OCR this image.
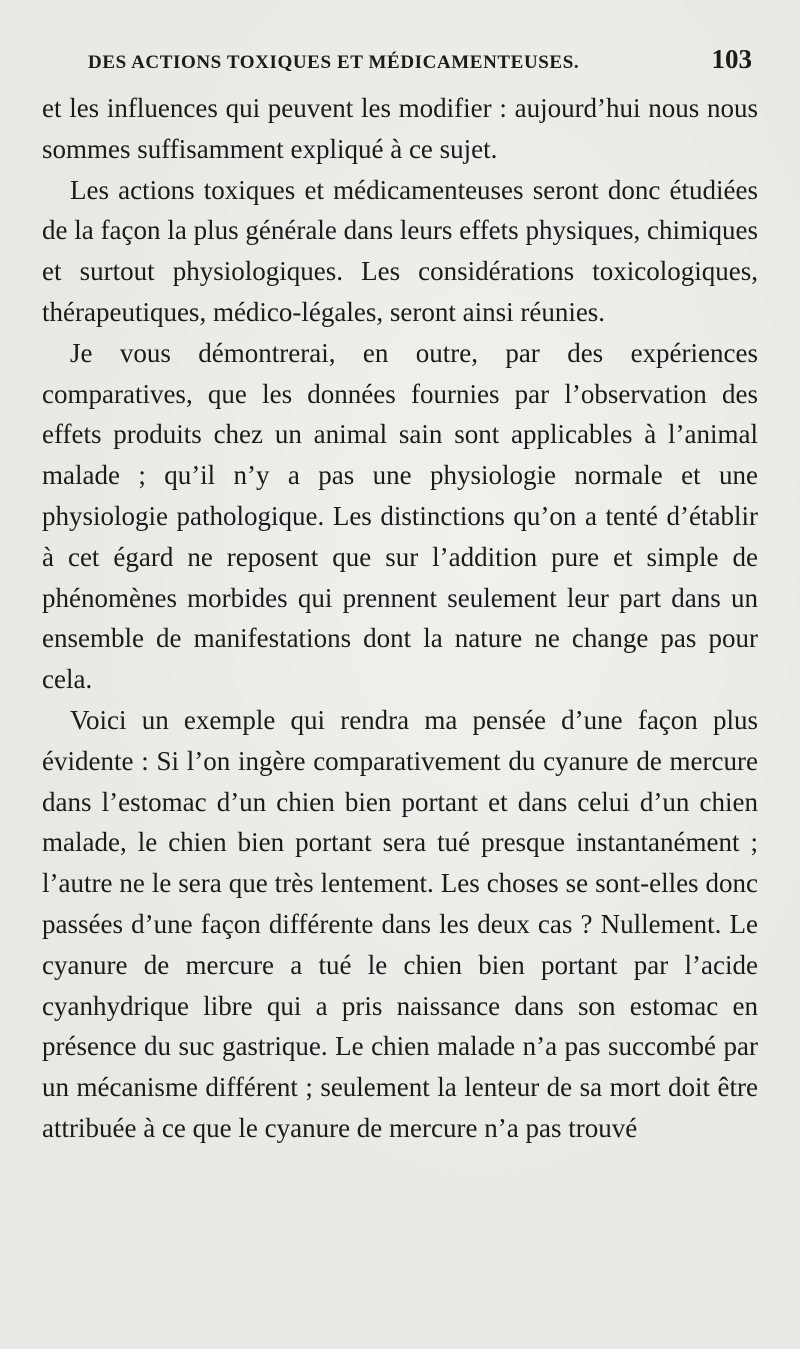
DES ACTIONS TOXIQUES ET MÉDICAMENTEUSES.	103

et les influences qui peuvent les modifier : aujourd’hui nous nous sommes suffisamment expliqué à ce sujet.

Les actions toxiques et médicamenteuses seront donc étudiées de la façon la plus générale dans leurs effets physiques, chimiques et surtout physiologiques. Les considérations toxicologiques, thérapeutiques, médico-légales, seront ainsi réunies.

Je vous démontrerai, en outre, par des expériences comparatives, que les données fournies par l’observation des effets produits chez un animal sain sont applicables à l’animal malade ; qu’il n’y a pas une physiologie normale et une physiologie pathologique. Les distinctions qu’on a tenté d’établir à cet égard ne reposent que sur l’addition pure et simple de phénomènes morbides qui prennent seulement leur part dans un ensemble de manifestations dont la nature ne change pas pour cela.

Voici un exemple qui rendra ma pensée d’une façon plus évidente : Si l’on ingère comparativement du cyanure de mercure dans l’estomac d’un chien bien portant et dans celui d’un chien malade, le chien bien portant sera tué presque instantanément ; l’autre ne le sera que très lentement. Les choses se sont-elles donc passées d’une façon différente dans les deux cas ? Nullement. Le cyanure de mercure a tué le chien bien portant par l’acide cyanhydrique libre qui a pris naissance dans son estomac en présence du suc gastrique. Le chien malade n’a pas succombé par un mécanisme différent ; seulement la lenteur de sa mort doit être attribuée à ce que le cyanure de mercure n’a pas trouvé
